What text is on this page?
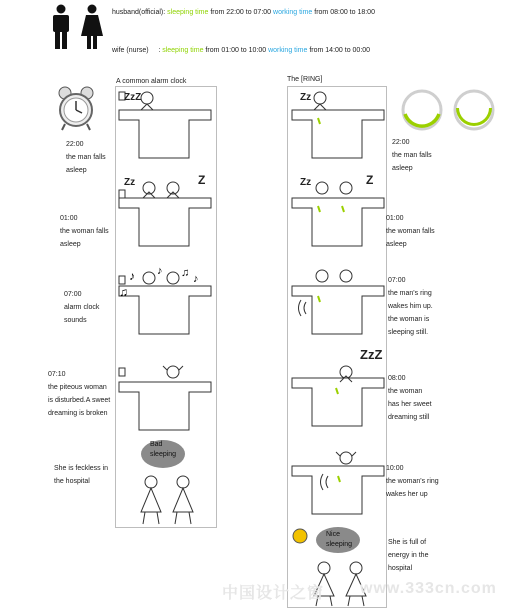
husband(official): sleeping time from 22:00 to 07:00 working time from 08:00 to 18:00
wife (nurse) : sleeping time from 01:00 to 10:00 working time from 14:00 to 00:00
A common alarm clock	The [RING]
ZzZ
Zz	Z
♪
♫
♪ ♫ ♪
Bad
sleeping
Zz
Zz	Z
ZzZ
Nice
sleeping
22:00
the man falls
asleep
01:00
the woman falls
asleep
07:00
alarm clock
sounds
07:10
the piteous woman
is disturbed.A sweet
dreaming is broken
She is feckless in
the hospital
22:00
the man falls
asleep
01:00
the woman falls
asleep
07:00
the man's ring
wakes him up.
the woman is
sleeping still.
08:00
the woman
has her sweet
dreaming still
10:00
the woman's ring
wakes her up
She is full of
energy in the
hospital
中国设计之窗 www.333cn.com
